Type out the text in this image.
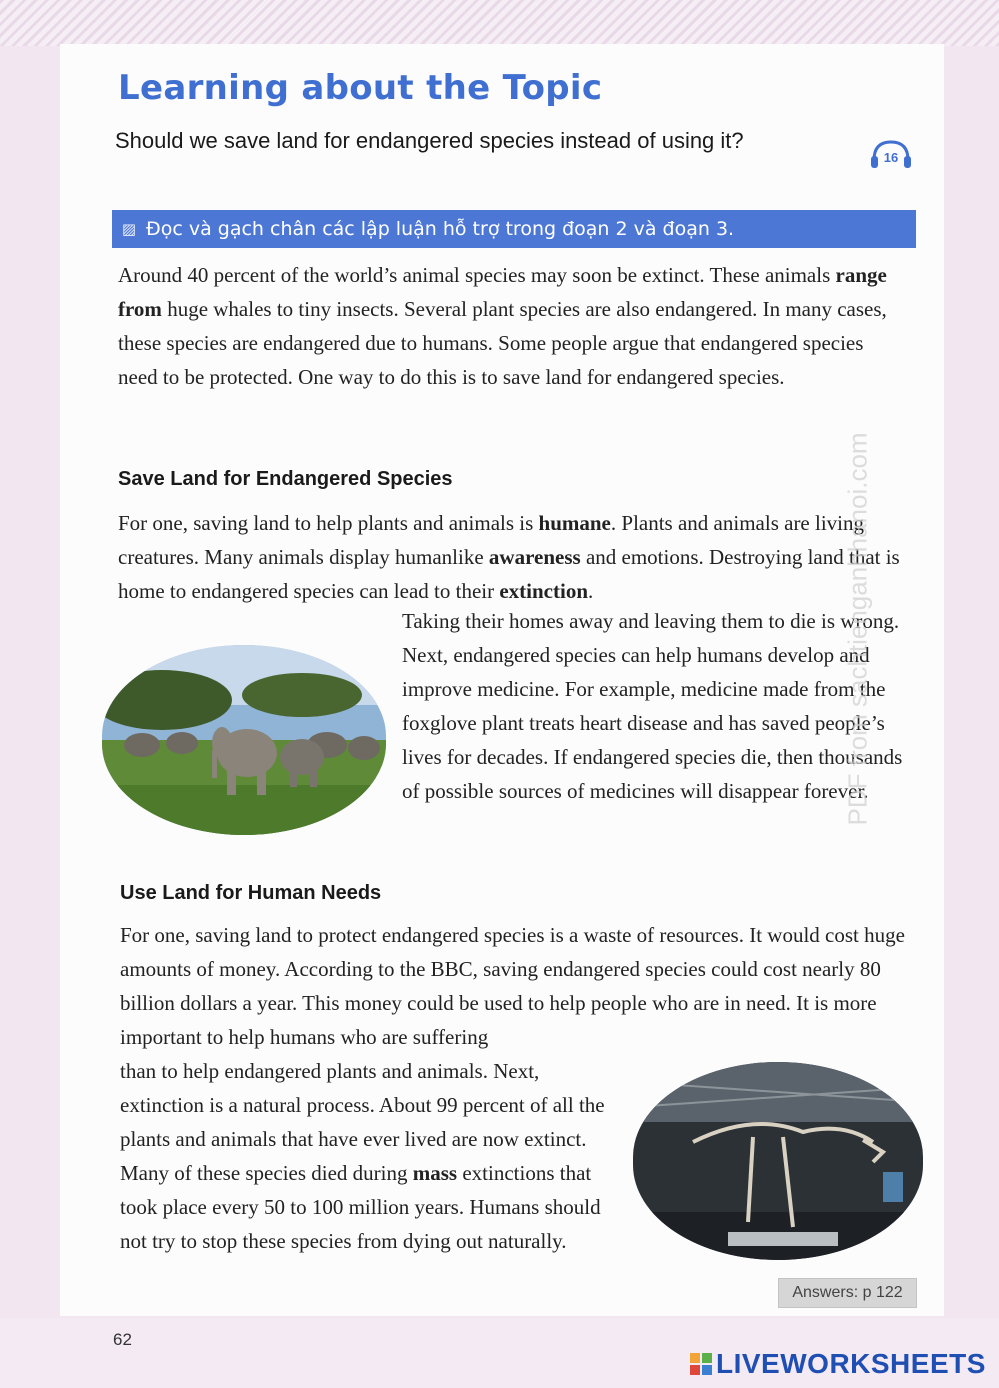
Learning about the Topic
Should we save land for endangered species instead of using it?
16
▨ Đọc và gạch chân các lập luận hỗ trợ trong đoạn 2 và đoạn 3.

Around 40 percent of the world’s animal species may soon be extinct. These animals range from huge whales to tiny insects. Several plant species are also endangered. In many cases, these species are endangered due to humans. Some people argue that endangered species need to be protected. One way to do this is to save land for endangered species.

Save Land for Endangered Species

For one, saving land to help plants and animals is humane. Plants and animals are living creatures. Many animals display humanlike awareness and emotions. Destroying land that is home to endangered species can lead to their extinction.

Taking their homes away and leaving them to die is wrong. Next, endangered species can help humans develop and improve medicine. For example, medicine made from the foxglove plant treats heart disease and has saved people’s lives for decades. If endangered species die, then thousands of possible sources of medicines will disappear forever.

Use Land for Human Needs

For one, saving land to protect endangered species is a waste of resources. It would cost huge amounts of money. According to the BBC, saving endangered species could cost nearly 80 billion dollars a year. This money could be used to help people who are in need. It is more important to help humans who are suffering

than to help endangered plants and animals. Next, extinction is a natural process. About 99 percent of all the plants and animals that have ever lived are now extinct. Many of these species died during mass extinctions that took place every 50 to 100 million years. Humans should not try to stop these species from dying out naturally.

PDF from sachtienganhhanoi.com
Answers: p 122
62
LIVEWORKSHEETS
